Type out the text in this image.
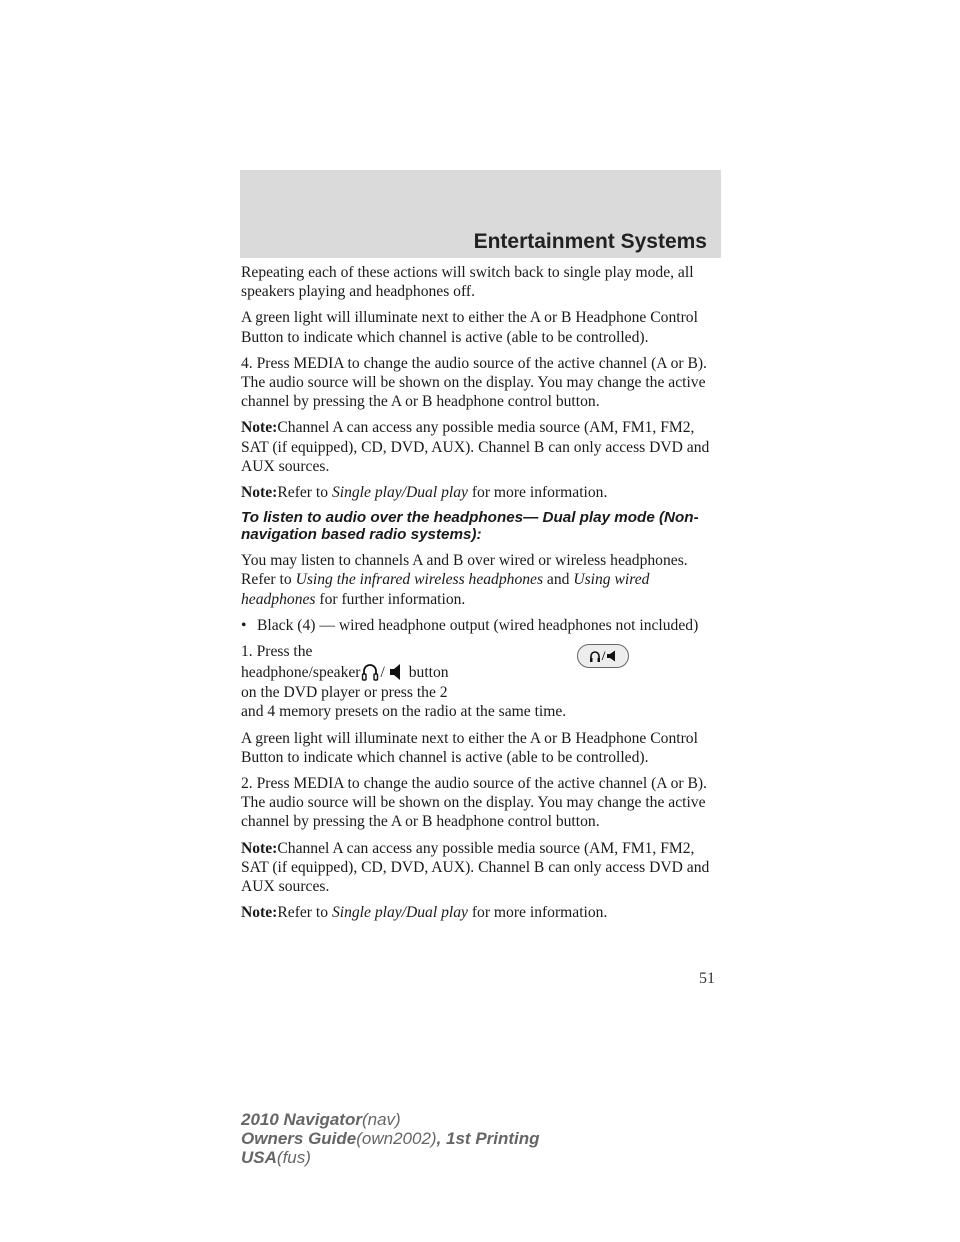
Entertainment Systems

Repeating each of these actions will switch back to single play mode, all speakers playing and headphones off.

A green light will illuminate next to either the A or B Headphone Control Button to indicate which channel is active (able to be controlled).

4. Press MEDIA to change the audio source of the active channel (A or B). The audio source will be shown on the display. You may change the active channel by pressing the A or B headphone control button.

Note:Channel A can access any possible media source (AM, FM1, FM2, SAT (if equipped), CD, DVD, AUX). Channel B can only access DVD and AUX sources.

Note:Refer to Single play/Dual play for more information.

To listen to audio over the headphones— Dual play mode (Non-navigation based radio systems):

You may listen to channels A and B over wired or wireless headphones. Refer to Using the infrared wireless headphones and Using wired headphones for further information.

• Black (4) — wired headphone output (wired headphones not included)

1. Press the
headphone/speaker / button
on the DVD player or press the 2
and 4 memory presets on the radio at the same time.
/

A green light will illuminate next to either the A or B Headphone Control Button to indicate which channel is active (able to be controlled).

2. Press MEDIA to change the audio source of the active channel (A or B). The audio source will be shown on the display. You may change the active channel by pressing the A or B headphone control button.

Note:Channel A can access any possible media source (AM, FM1, FM2, SAT (if equipped), CD, DVD, AUX). Channel B can only access DVD and AUX sources.

Note:Refer to Single play/Dual play for more information.

51
2010 Navigator(nav)
Owners Guide(own2002), 1st Printing
USA(fus)
